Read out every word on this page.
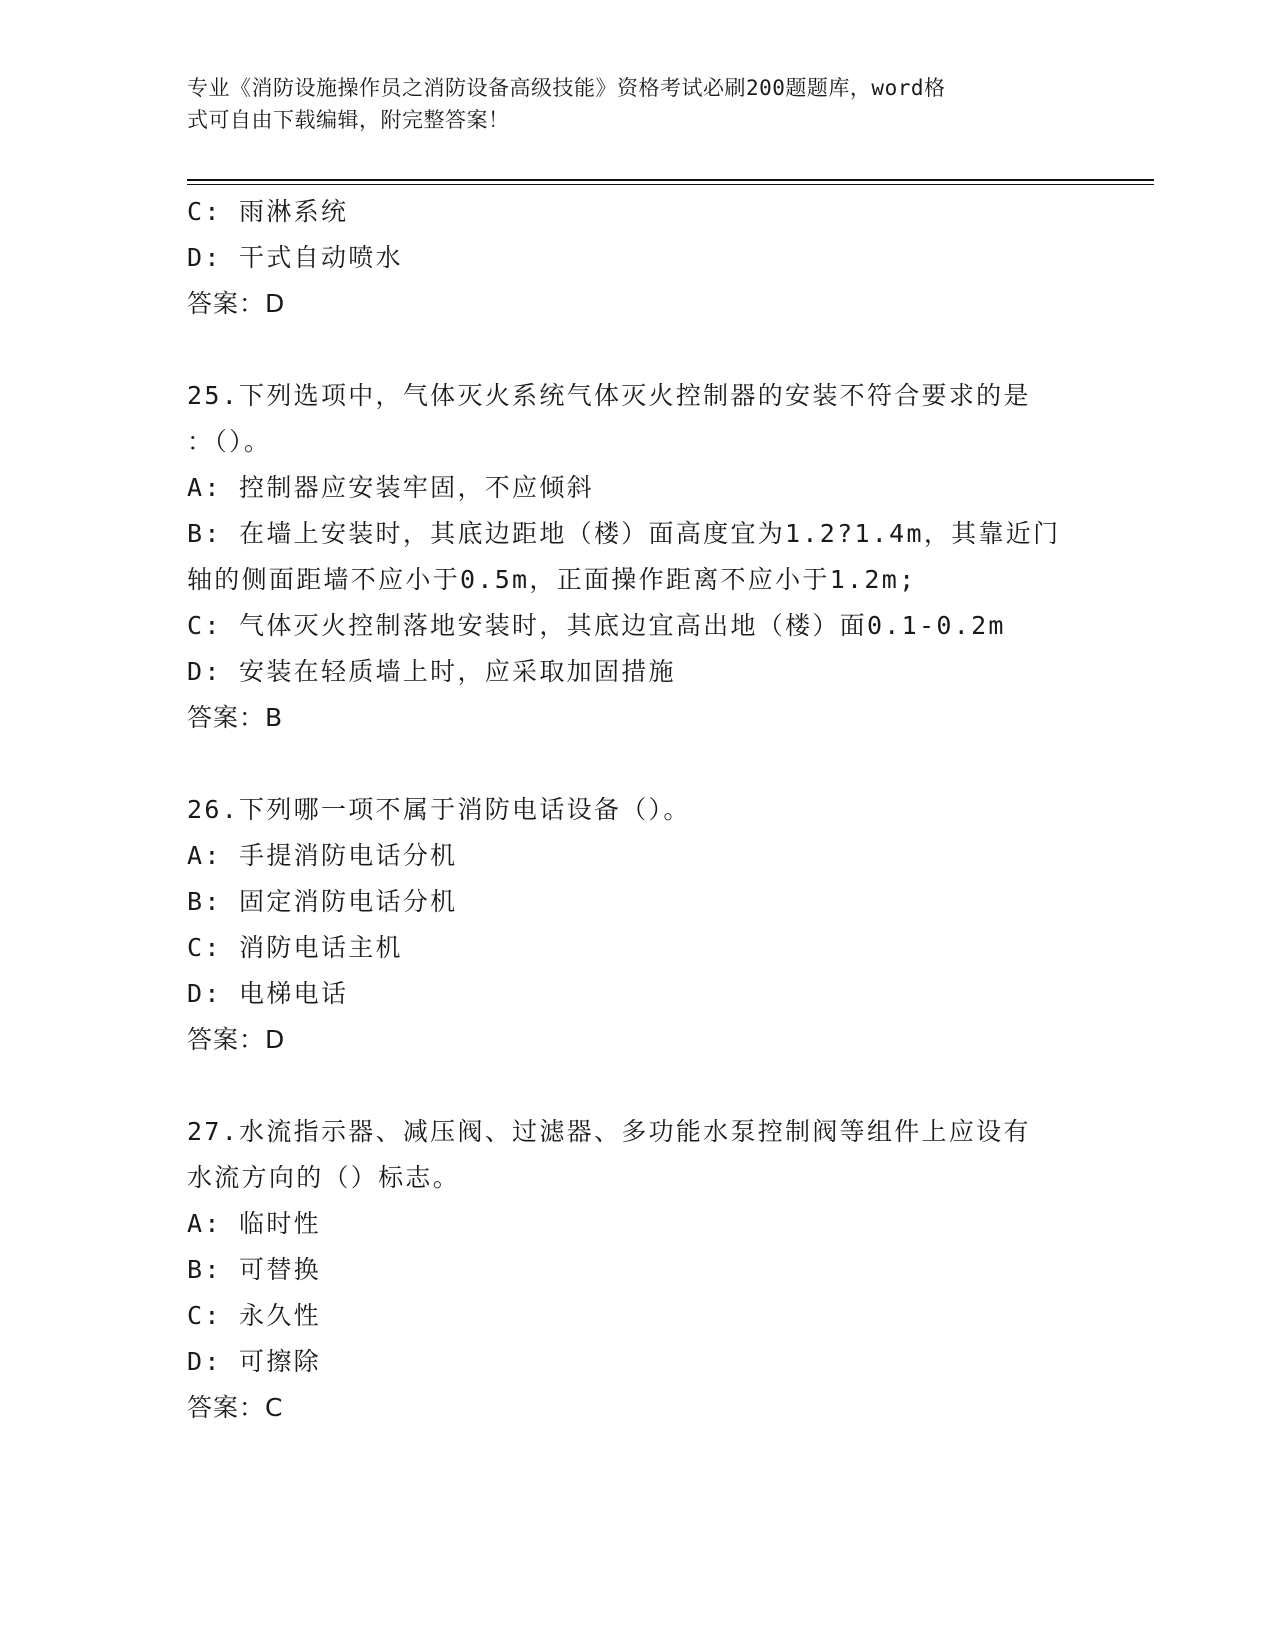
专业《消防设施操作员之消防设备高级技能》资格考试必刷200题题库，word格
式可自由下载编辑，附完整答案！
C: 雨淋系统
D: 干式自动喷水
答案：D
25.下列选项中，气体灭火系统气体灭火控制器的安装不符合要求的是
：（）。
A: 控制器应安装牢固，不应倾斜
B: 在墙上安装时，其底边距地（楼）面高度宜为1.2?1.4m，其靠近门
轴的侧面距墙不应小于0.5m，正面操作距离不应小于1.2m;
C: 气体灭火控制落地安装时，其底边宜高出地（楼）面0.1-0.2m
D: 安装在轻质墙上时，应采取加固措施
答案：B
26.下列哪一项不属于消防电话设备（）。
A: 手提消防电话分机
B: 固定消防电话分机
C: 消防电话主机
D: 电梯电话
答案：D
27.水流指示器、减压阀、过滤器、多功能水泵控制阀等组件上应设有
水流方向的（）标志。
A: 临时性
B: 可替换
C: 永久性
D: 可擦除
答案：C
